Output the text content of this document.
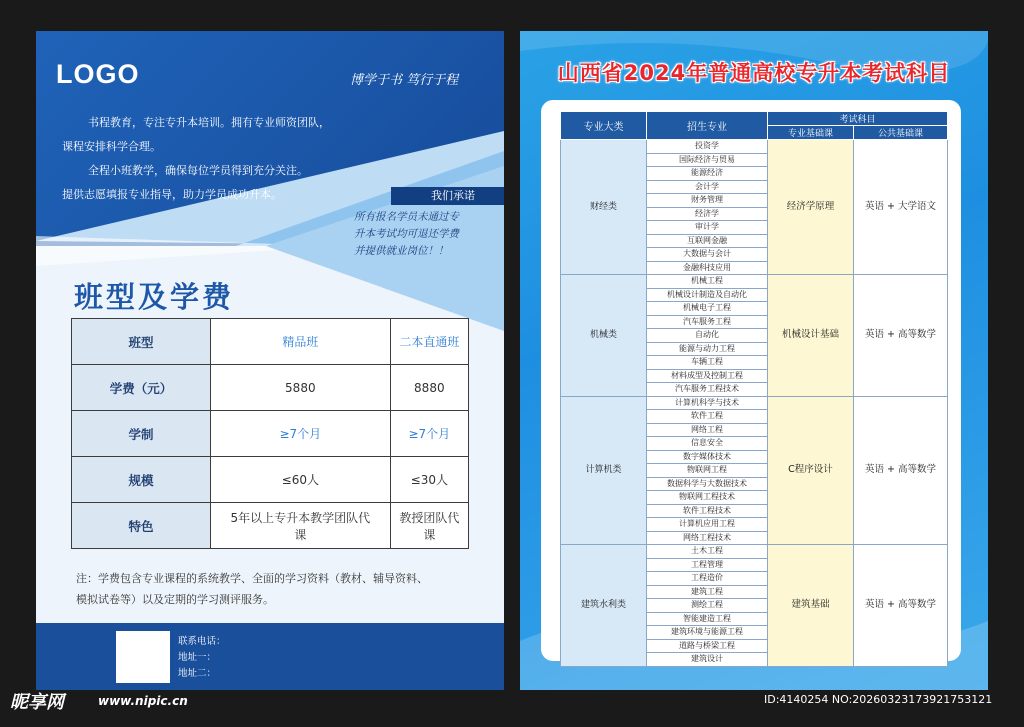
LOGO	博学于书 笃行于程

书程教育，专注专升本培训。拥有专业师资团队，

课程安排科学合理。

全程小班教学，确保每位学员得到充分关注。

提供志愿填报专业指导，助力学员成功升本。	我们承诺
所有报名学员未通过专
升本考试均可退还学费
并提供就业岗位！！
班型及学费
班型	精品班	二本直通班
学费（元）	5880	8880
学制	≥7个月	≥7个月
规模	≤60人	≤30人
特色	5年以上专升本教学团队代课	教授团队代课
注：学费包含专业课程的系统教学、全面的学习资料（教材、辅导资料、
模拟试卷等）以及定期的学习测评服务。
联系电话：
地址一：
地址二：
山西省2024年普通高校专升本考试科目
专业大类	招生专业	考试科目	
		专业基础课	公共基础课
财经类	投资学	经济学原理	英语 + 大学语文
	国际经济与贸易		
	能源经济		
	会计学		
	财务管理		
	经济学		
	审计学		
	互联网金融		
	大数据与会计		
	金融科技应用		
机械类	机械工程	机械设计基础	英语 + 高等数学
	机械设计制造及自动化		
	机械电子工程		
	汽车服务工程		
	自动化		
	能源与动力工程		
	车辆工程		
	材料成型及控制工程		
	汽车服务工程技术		
计算机类	计算机科学与技术	C程序设计	英语 + 高等数学
	软件工程		
	网络工程		
	信息安全		
	数字媒体技术		
	物联网工程		
	数据科学与大数据技术		
	物联网工程技术		
	软件工程技术		
	计算机应用工程		
	网络工程技术		
建筑水利类	土木工程	建筑基础	英语 + 高等数学
	工程管理		
	工程造价		
	建筑工程		
	测绘工程		
	智能建造工程		
	建筑环境与能源工程		
	道路与桥梁工程		
	建筑设计		
昵享网	www.nipic.cn	ID:4140254 NO:20260323173921753121
